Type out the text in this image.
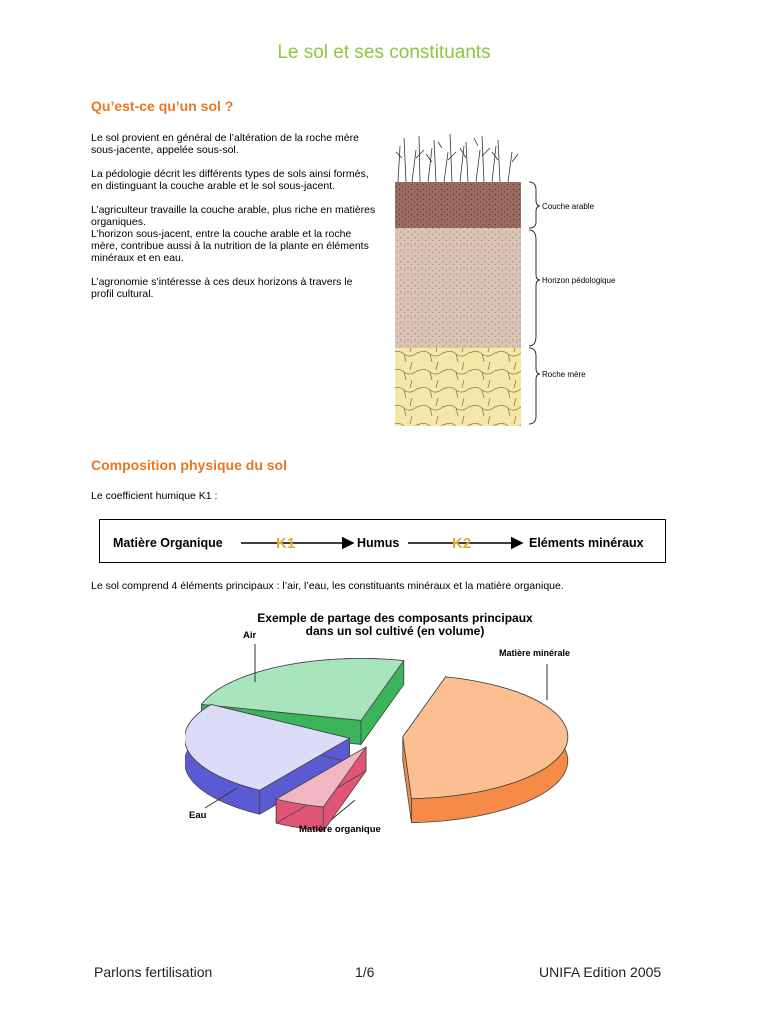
Le sol et ses constituants
Qu’est-ce qu’un sol ?

Le sol provient en général de l’altération de la roche mère sous-jacente, appelée sous-sol.

La pédologie décrit les différents types de sols ainsi formés, en distinguant la couche arable et le sol sous-jacent.

L’agriculteur travaille la couche arable, plus riche en matières organiques.

L’horizon sous-jacent, entre la couche arable et la roche mère, contribue aussi à la nutrition de la plante en éléments minéraux et en eau.

L’agronomie s’intéresse à ces deux horizons à travers le profil cultural.

Couche arable
Horizon pédologique
Roche mère
Composition physique du sol
Le coefficient humique K1 :
Matière Organique	K1	Humus	K2	Eléments minéraux
Le sol comprend 4 éléments principaux : l’air, l’eau, les constituants minéraux et la matière organique.
Exemple de partage des composants principaux
dans un sol cultivé (en volume)
Air
Matière minérale
Matière organique
Eau
Parlons fertilisation	1/6	UNIFA Edition 2005
